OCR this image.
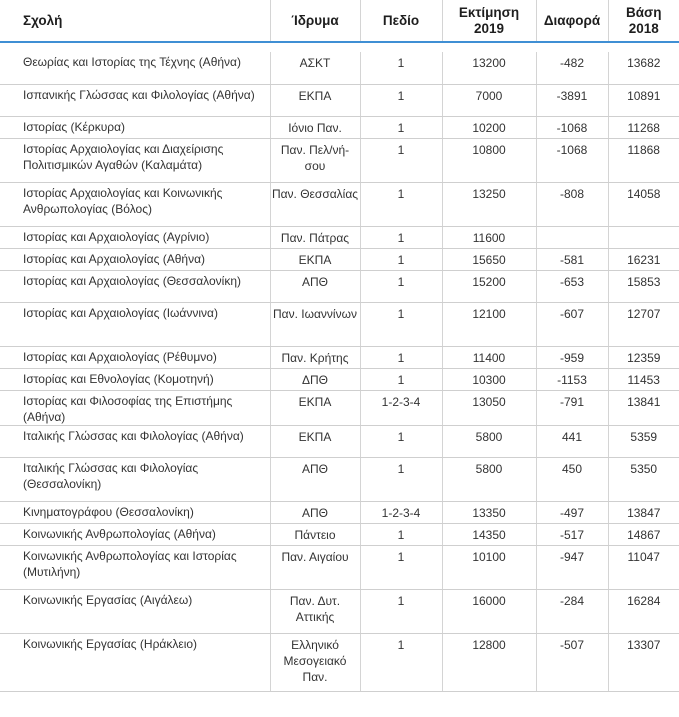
Σχολή	Ίδρυμα	Πεδίο	Εκτίμηση 2019	Διαφορά	Βάση 2018

Θεωρίας και Ιστορίας της Τέχνης (Αθήνα)	ΑΣΚΤ	1	13200	-482	13682
Ισπανικής Γλώσσας και Φιλολογίας (Αθήνα)	ΕΚΠΑ	1	7000	-3891	10891
Ιστορίας (Κέρκυρα)	Ιόνιο Παν.	1	10200	-1068	11268
Ιστορίας Αρχαιολογίας και Διαχείρισης Πολιτισμικών Αγαθών (Καλαμάτα)	Παν. Πελ/νή- σου	1	10800	-1068	11868
Ιστορίας Αρχαιολογίας και Κοινωνικής Ανθρωπολογίας (Βόλος)	Παν. Θεσσαλίας	1	13250	-808	14058
Ιστορίας και Αρχαιολογίας (Αγρίνιο)	Παν. Πάτρας	1	11600		
Ιστορίας και Αρχαιολογίας (Αθήνα)	ΕΚΠΑ	1	15650	-581	16231
Ιστορίας και Αρχαιολογίας (Θεσσαλονίκη)	ΑΠΘ	1	15200	-653	15853
Ιστορίας και Αρχαιολογίας (Ιωάννινα)	Παν. Ιωαννίνων	1	12100	-607	12707
Ιστορίας και Αρχαιολογίας (Ρέθυμνο)	Παν. Κρήτης	1	11400	-959	12359
Ιστορίας και Εθνολογίας (Κομοτηνή)	ΔΠΘ	1	10300	-1153	11453
Ιστορίας και Φιλοσοφίας της Επιστήμης (Αθήνα)	ΕΚΠΑ	1-2-3-4	13050	-791	13841
Ιταλικής Γλώσσας και Φιλολογίας (Αθήνα)	ΕΚΠΑ	1	5800	441	5359
Ιταλικής Γλώσσας και Φιλολογίας (Θεσσαλονίκη)	ΑΠΘ	1	5800	450	5350
Κινηματογράφου (Θεσσαλονίκη)	ΑΠΘ	1-2-3-4	13350	-497	13847
Κοινωνικής Ανθρωπολογίας (Αθήνα)	Πάντειο	1	14350	-517	14867
Κοινωνικής Ανθρωπολογίας και Ιστορίας (Μυτιλήνη)	Παν. Αιγαίου	1	10100	-947	11047
Κοινωνικής Εργασίας (Αιγάλεω)	Παν. Δυτ. Αττικής	1	16000	-284	16284
Κοινωνικής Εργασίας (Ηράκλειο)	Ελληνικό Μεσογειακό Παν.	1	12800	-507	13307
